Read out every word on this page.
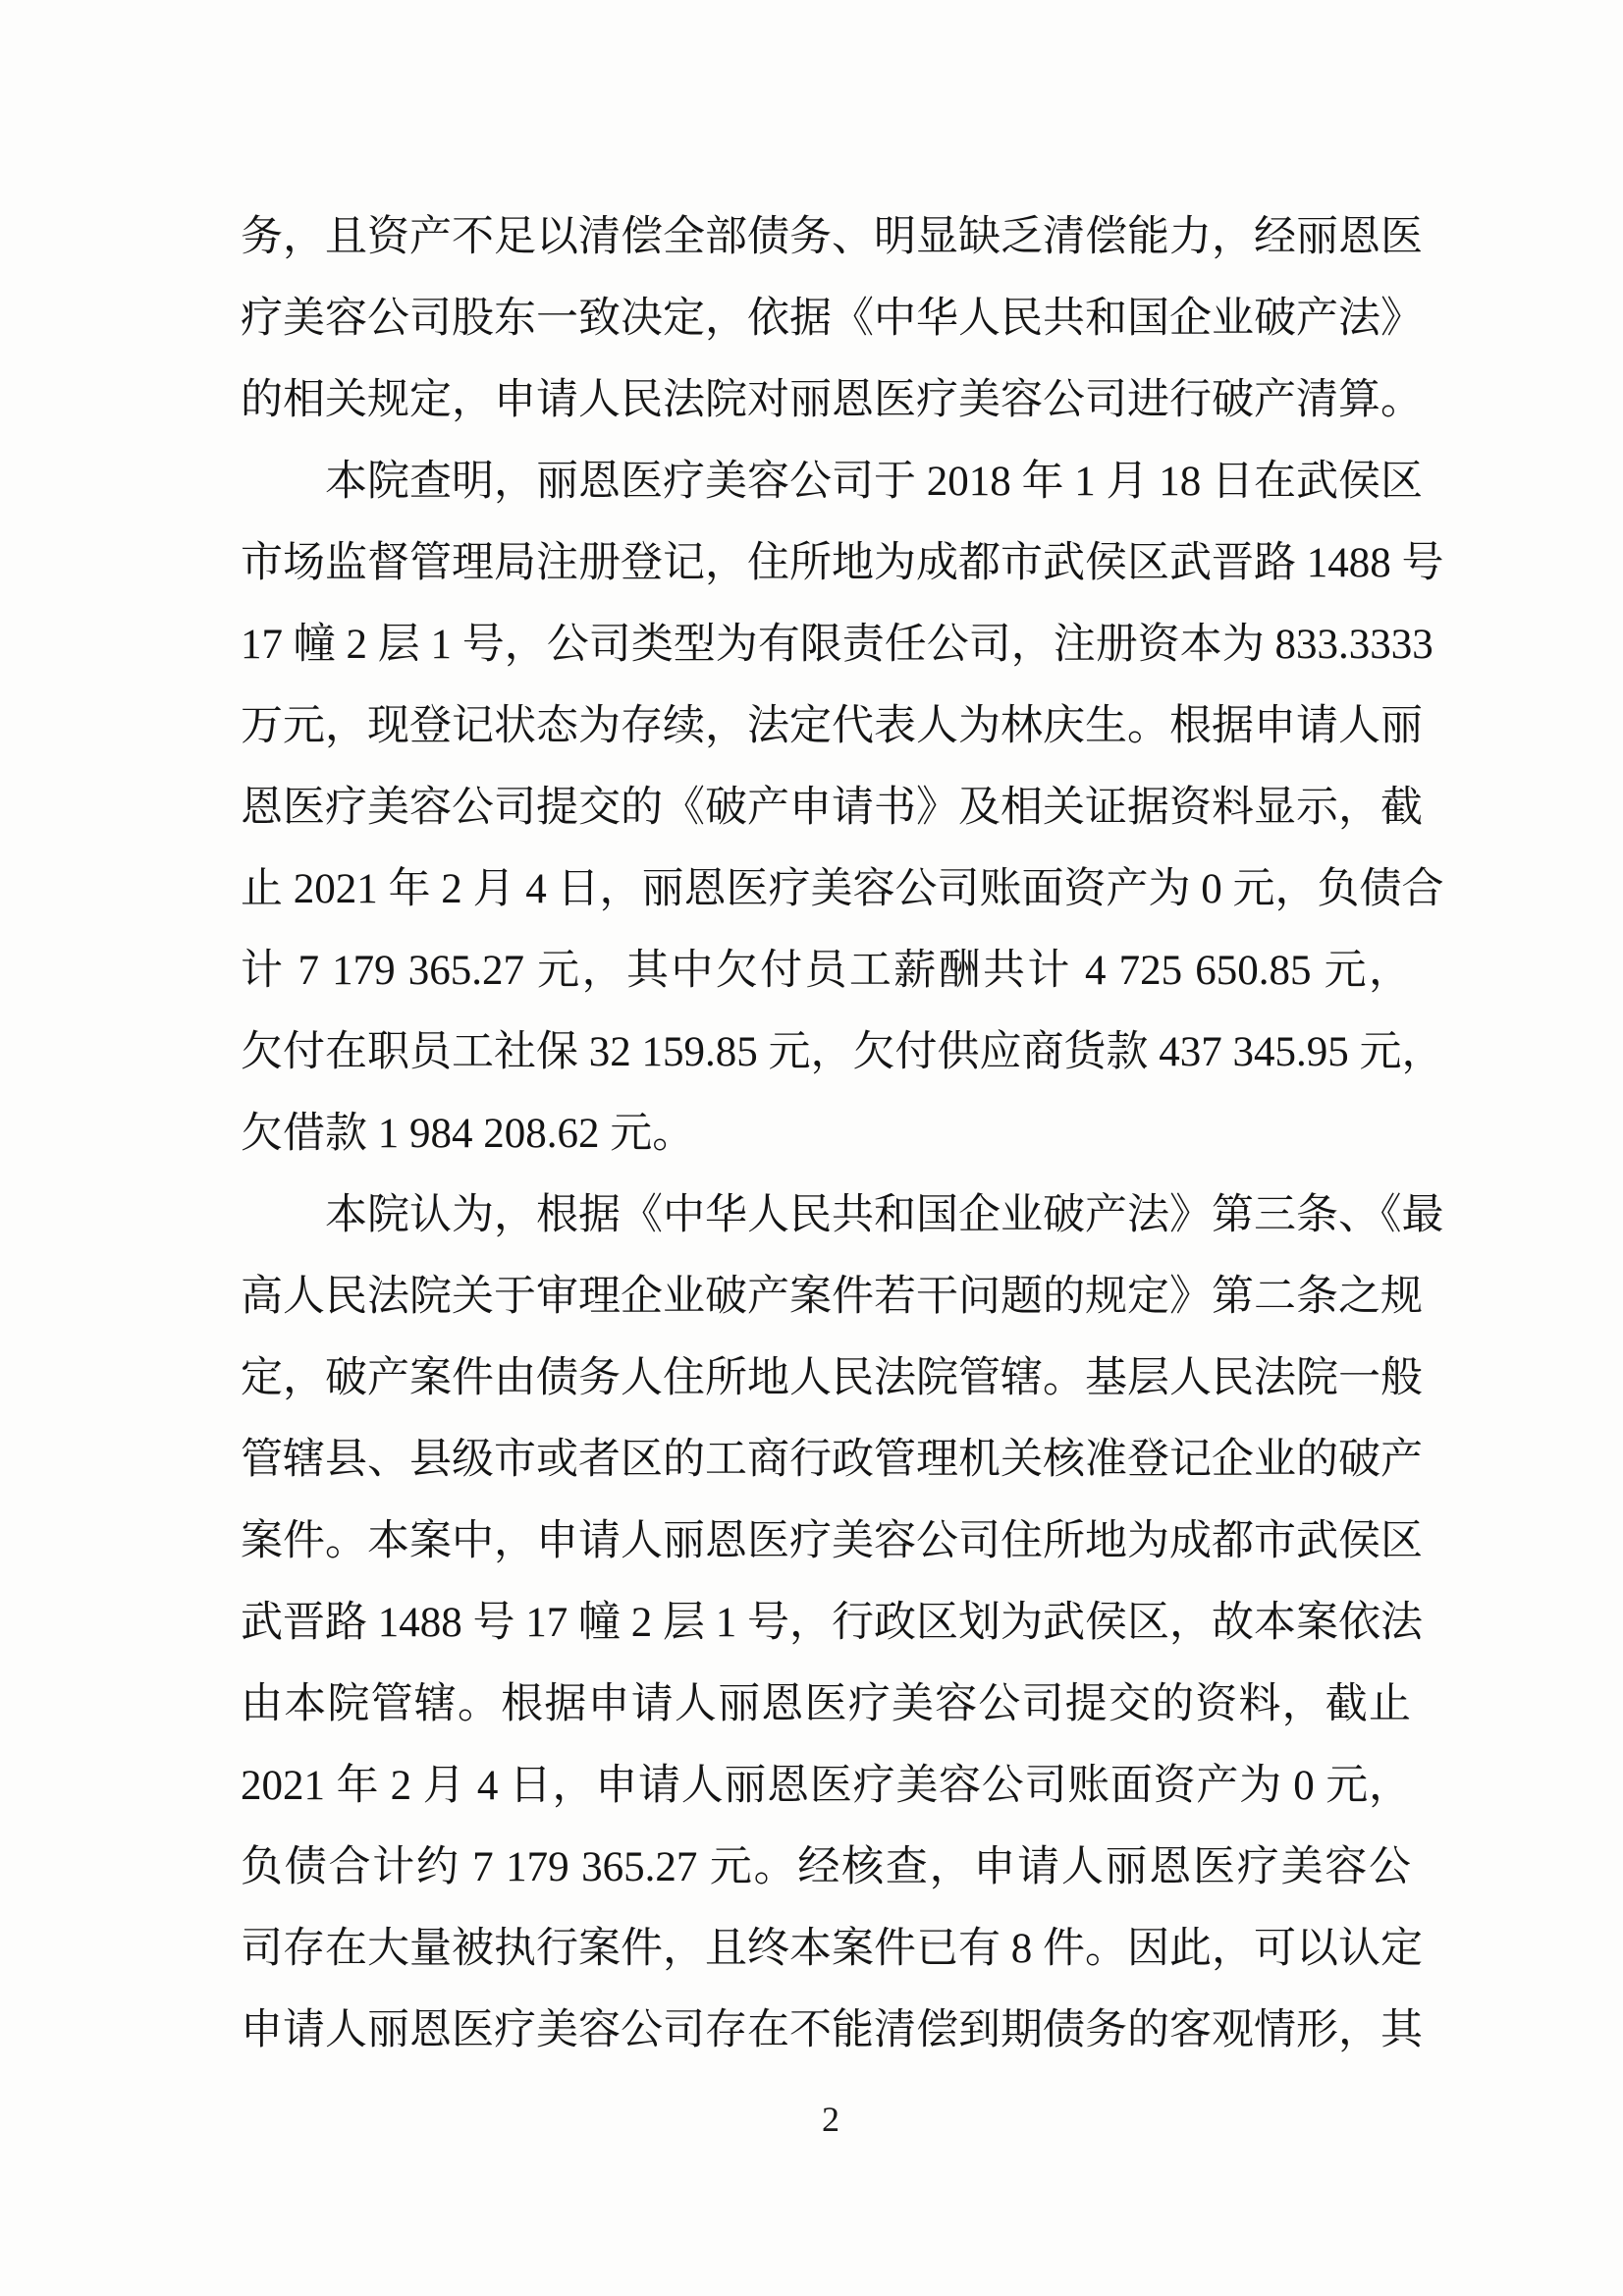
务，且资产不足以清偿全部债务、明显缺乏清偿能力，经丽恩医
疗美容公司股东一致决定，依据《中华人民共和国企业破产法》
的相关规定，申请人民法院对丽恩医疗美容公司进行破产清算。
本院查明，丽恩医疗美容公司于 2018 年 1 月 18 日在武侯区
市场监督管理局注册登记，住所地为成都市武侯区武晋路 1488 号
17 幢 2 层 1 号，公司类型为有限责任公司，注册资本为 833.3333
万元，现登记状态为存续，法定代表人为林庆生。根据申请人丽
恩医疗美容公司提交的《破产申请书》及相关证据资料显示，截
止 2021 年 2 月 4 日，丽恩医疗美容公司账面资产为 0 元，负债合
计 7 179 365.27 元，其中欠付员工薪酬共计 4 725 650.85 元，
欠付在职员工社保 32 159.85 元，欠付供应商货款 437 345.95 元，
欠借款 1 984 208.62 元。
本院认为，根据《中华人民共和国企业破产法》第三条、《最
高人民法院关于审理企业破产案件若干问题的规定》第二条之规
定，破产案件由债务人住所地人民法院管辖。基层人民法院一般
管辖县、县级市或者区的工商行政管理机关核准登记企业的破产
案件。本案中，申请人丽恩医疗美容公司住所地为成都市武侯区
武晋路 1488 号 17 幢 2 层 1 号，行政区划为武侯区，故本案依法
由本院管辖。根据申请人丽恩医疗美容公司提交的资料，截止
2021 年 2 月 4 日，申请人丽恩医疗美容公司账面资产为 0 元，
负债合计约 7 179 365.27 元。经核查，申请人丽恩医疗美容公
司存在大量被执行案件，且终本案件已有 8 件。因此，可以认定
申请人丽恩医疗美容公司存在不能清偿到期债务的客观情形，其
2
